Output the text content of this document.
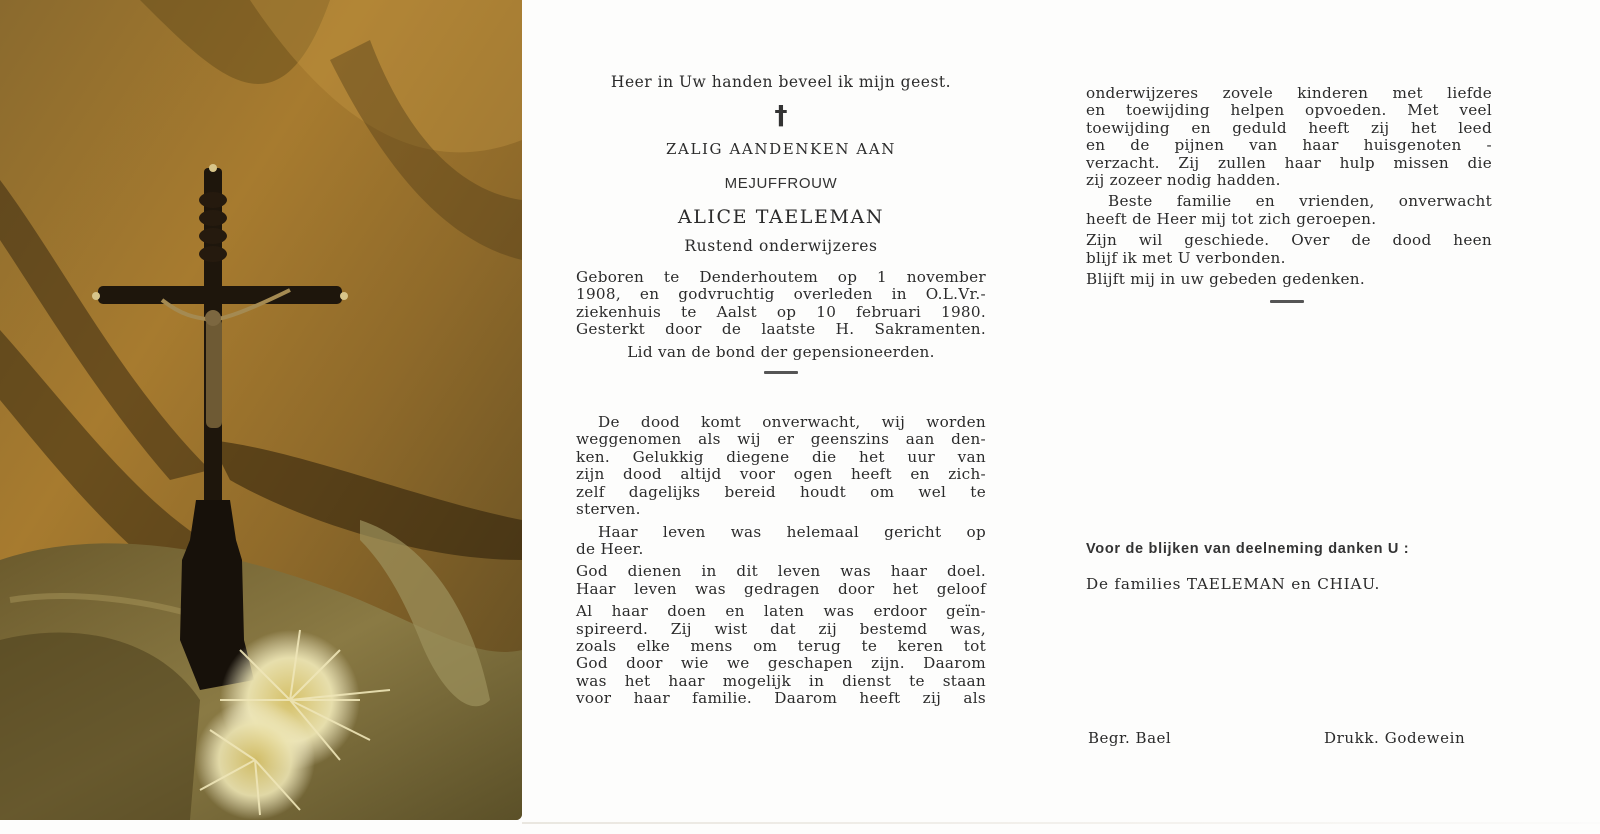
Heer in Uw handen beveel ik mijn geest.
†
ZALIG AANDENKEN AAN
MEJUFFROUW
ALICE TAELEMAN
Rustend onderwijzeres
Geboren te Denderhoutem op 1 november
1908, en godvruchtig overleden in O.L.Vr.-
ziekenhuis te Aalst op 10 februari 1980.
Gesterkt door de laatste H. Sakramenten.
Lid van de bond der gepensioneerden.
De dood komt onverwacht, wij worden
weggenomen als wij er geenszins aan den-
ken. Gelukkig diegene die het uur van
zijn dood altijd voor ogen heeft en zich-
zelf dagelijks bereid houdt om wel te
sterven.
Haar leven was helemaal gericht op
de Heer.
God dienen in dit leven was haar doel.
Haar leven was gedragen door het geloof
Al haar doen en laten was erdoor geïn-
spireerd. Zij wist dat zij bestemd was,
zoals elke mens om terug te keren tot
God door wie we geschapen zijn. Daarom
was het haar mogelijk in dienst te staan
voor haar familie. Daarom heeft zij als
onderwijzeres zovele kinderen met liefde
en toewijding helpen opvoeden. Met veel
toewijding en geduld heeft zij het leed
en de pijnen van haar huisgenoten -
verzacht. Zij zullen haar hulp missen die
zij zozeer nodig hadden.
Beste familie en vrienden, onverwacht
heeft de Heer mij tot zich geroepen.
Zijn wil geschiede. Over de dood heen
blijf ik met U verbonden.
Blijft mij in uw gebeden gedenken.
Voor de blijken van deelneming danken U :
De families TAELEMAN en CHIAU.
Begr. Bael	Drukk. Godewein
